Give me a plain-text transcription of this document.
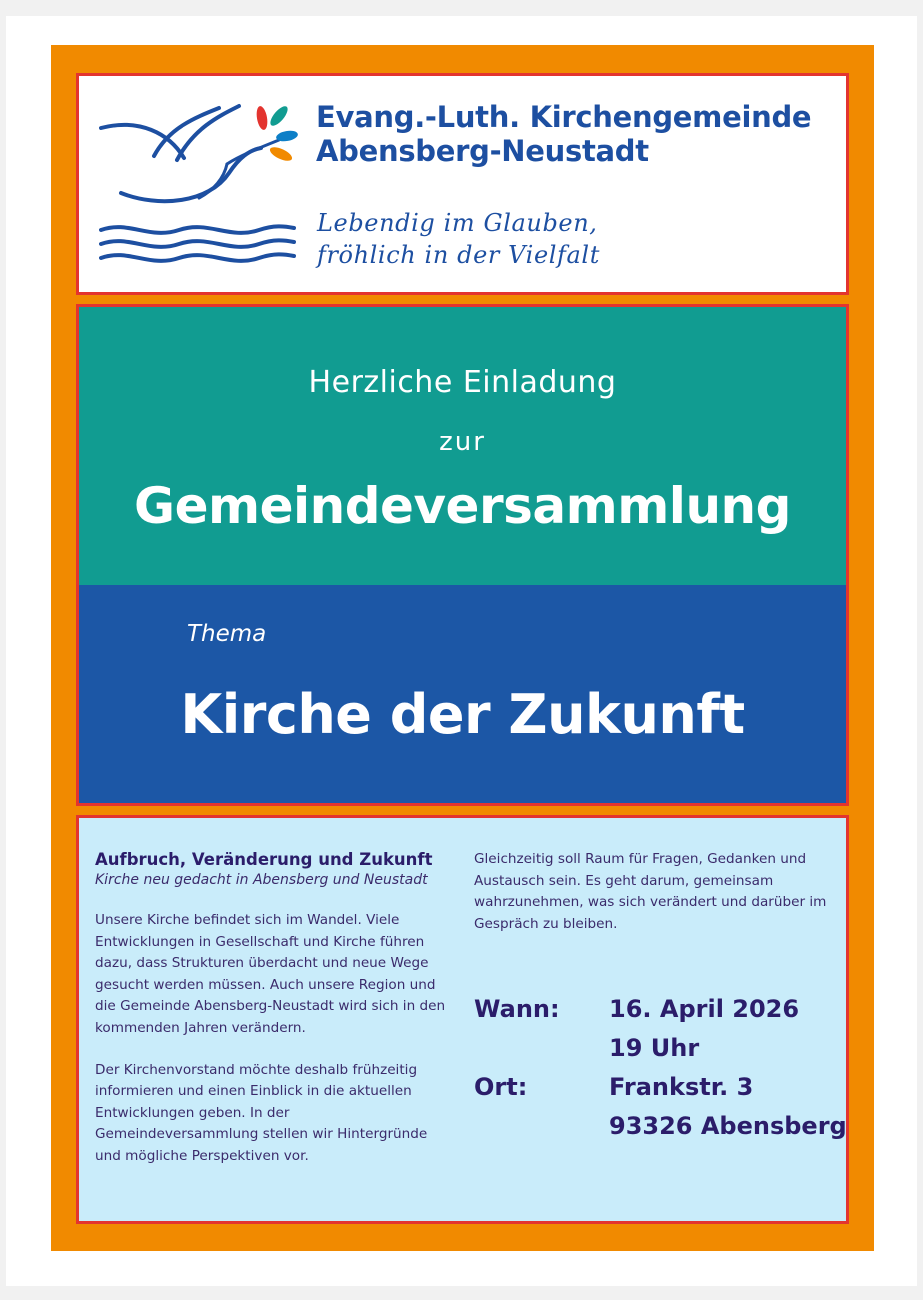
Evang.-Luth. Kirchengemeinde
Abensberg-Neustadt
Lebendig im Glauben,
fröhlich in der Vielfalt
Herzliche Einladung
zur
Gemeindeversammlung
Thema
Kirche der Zukunft
Aufbruch, Veränderung und Zukunft
Kirche neu gedacht in Abensberg und Neustadt
Unsere Kirche befindet sich im Wandel. Viele Entwicklungen in Gesellschaft und Kirche führen dazu, dass Strukturen überdacht und neue Wege gesucht werden müssen. Auch unsere Region und die Gemeinde Abensberg-Neustadt wird sich in den kommenden Jahren verändern.
Der Kirchenvorstand möchte deshalb frühzeitig informieren und einen Einblick in die aktuellen Entwicklungen geben. In der Gemeindeversammlung stellen wir Hintergründe und mögliche Perspektiven vor.
Gleichzeitig soll Raum für Fragen, Gedanken und Austausch sein. Es geht darum, gemeinsam wahrzunehmen, was sich verändert und darüber im Gespräch zu bleiben.
Wann: 16. April 2026
19 Uhr
Ort:	Frankstr. 3
93326 Abensberg
